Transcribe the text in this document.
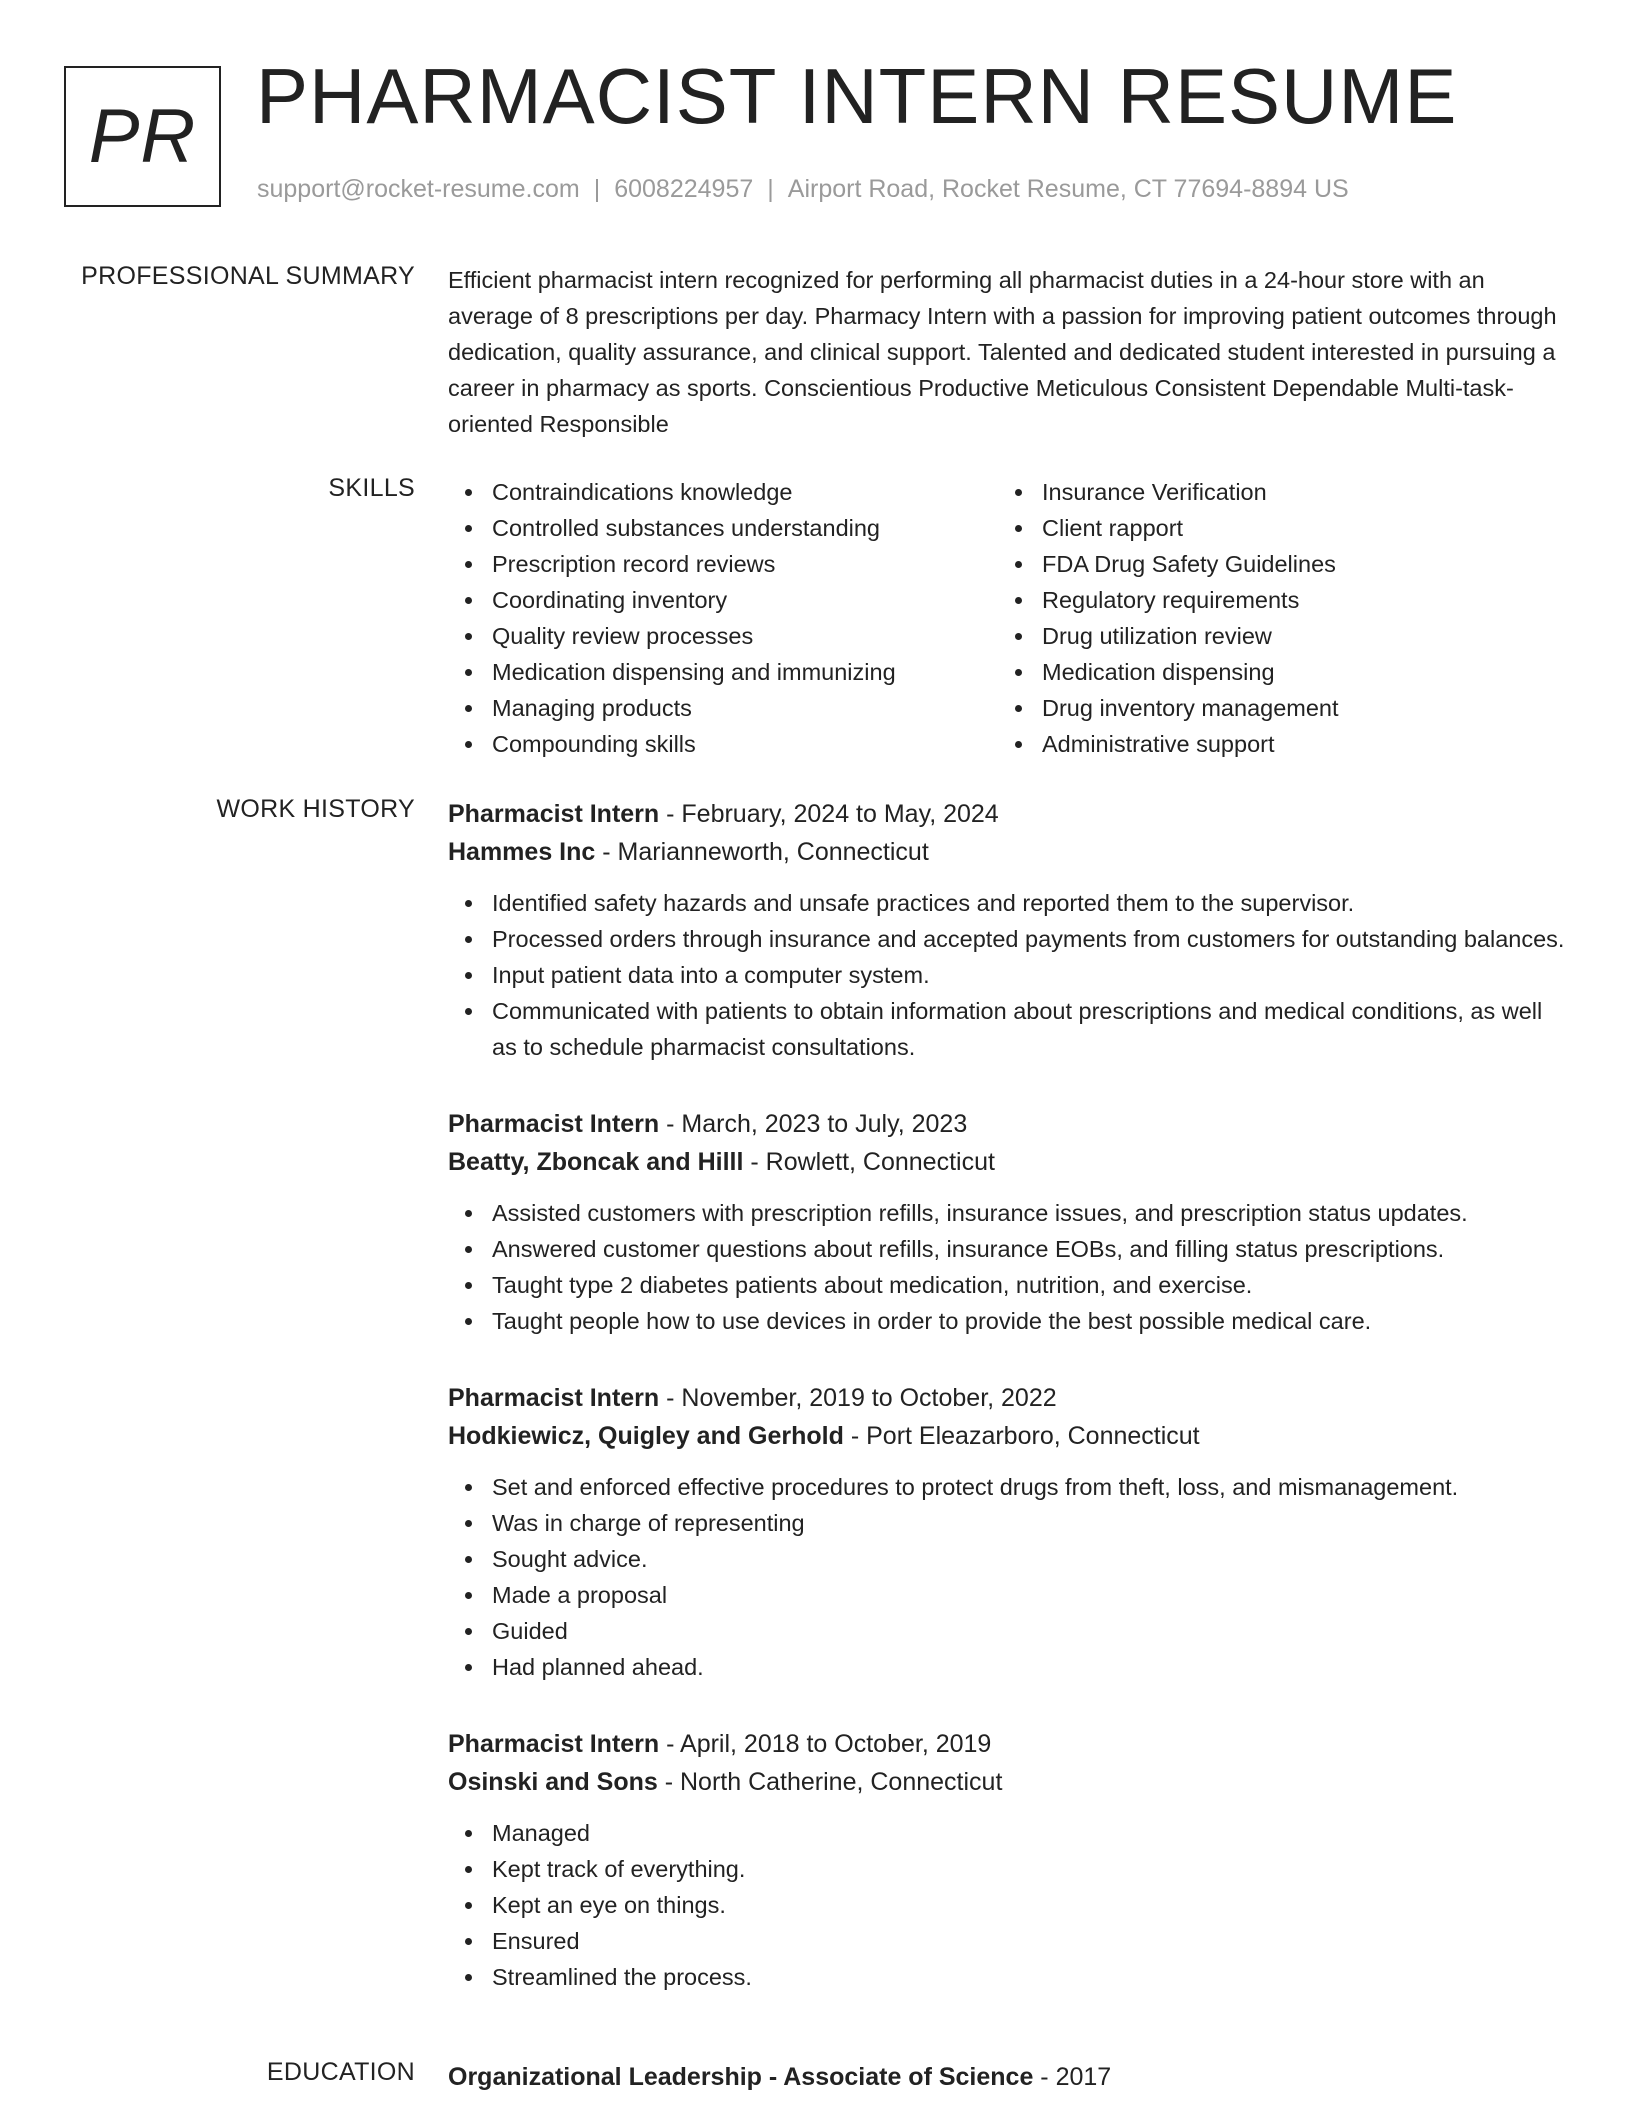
PR PHARMACIST INTERN RESUME
support@rocket-resume.com | 6008224957 | Airport Road, Rocket Resume, CT 77694-8894 US
PROFESSIONAL SUMMARY Efficient pharmacist intern recognized for performing all pharmacist duties in a 24-hour store with an average of 8 prescriptions per day. Pharmacy Intern with a passion for improving patient outcomes through dedication, quality assurance, and clinical support. Talented and dedicated student interested in pursuing a career in pharmacy as sports. Conscientious Productive Meticulous Consistent Dependable Multi-task-oriented Responsible

SKILLS	Contraindications knowledge	Insurance Verification
Controlled substances understanding	Client rapport
Prescription record reviews	FDA Drug Safety Guidelines
Coordinating inventory	Regulatory requirements
Quality review processes	Drug utilization review
Medication dispensing and immunizing	Medication dispensing
Managing products	Drug inventory management
Compounding skills	Administrative support
WORK HISTORY Pharmacist Intern - February, 2024 to May, 2024
Hammes Inc - Marianneworth, Connecticut
Identified safety hazards and unsafe practices and reported them to the supervisor.
Processed orders through insurance and accepted payments from customers for outstanding balances.
Input patient data into a computer system.
Communicated with patients to obtain information about prescriptions and medical conditions, as well as to schedule pharmacist consultations.
Pharmacist Intern - March, 2023 to July, 2023
Beatty, Zboncak and Hilll - Rowlett, Connecticut
Assisted customers with prescription refills, insurance issues, and prescription status updates.
Answered customer questions about refills, insurance EOBs, and filling status prescriptions.
Taught type 2 diabetes patients about medication, nutrition, and exercise.
Taught people how to use devices in order to provide the best possible medical care.
Pharmacist Intern - November, 2019 to October, 2022
Hodkiewicz, Quigley and Gerhold - Port Eleazarboro, Connecticut
Set and enforced effective procedures to protect drugs from theft, loss, and mismanagement.
Was in charge of representing
Sought advice.
Made a proposal
Guided
Had planned ahead.
Pharmacist Intern - April, 2018 to October, 2019
Osinski and Sons - North Catherine, Connecticut
Managed
Kept track of everything.
Kept an eye on things.
Ensured
Streamlined the process.
EDUCATION Organizational Leadership - Associate of Science - 2017
